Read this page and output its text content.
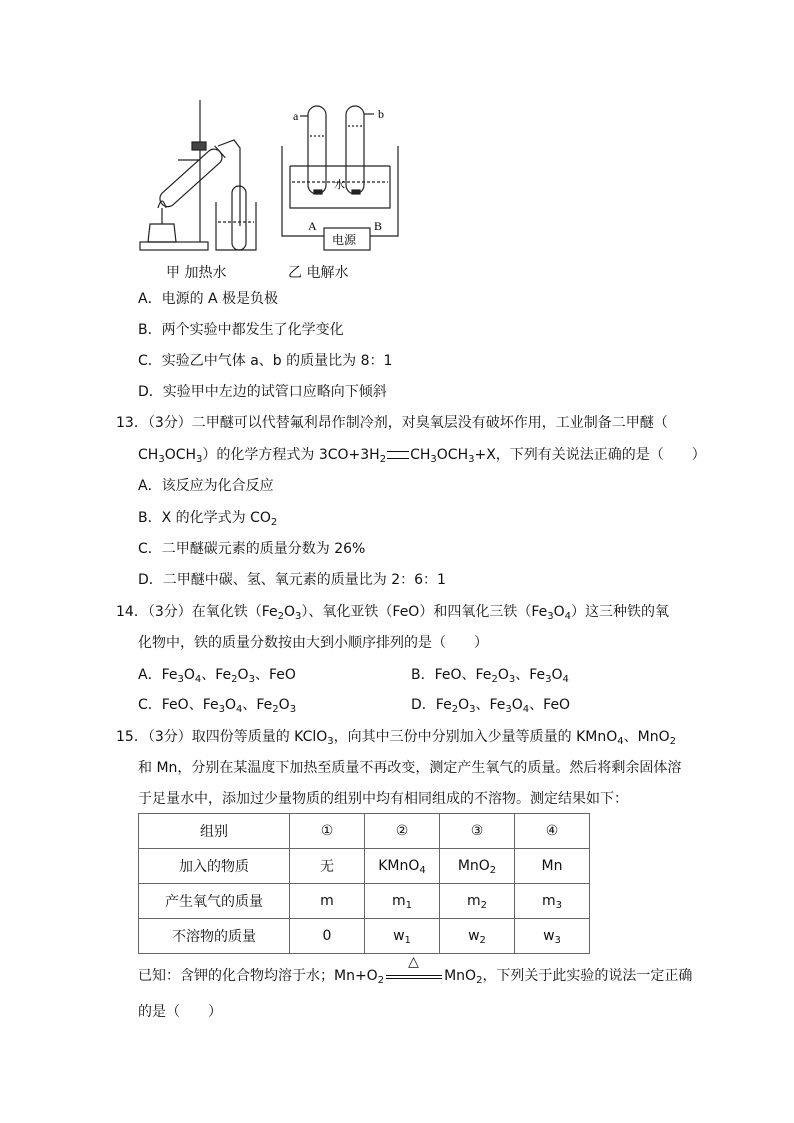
a	b
A	B
电源
水
甲 加热水	乙 电解水
A．电源的 A 极是负极
B．两个实验中都发生了化学变化
C．实验乙中气体 a、b 的质量比为 8：1
D．实验甲中左边的试管口应略向下倾斜
13．（3分）二甲醚可以代替氟利昂作制冷剂，对臭氧层没有破坏作用，工业制备二甲醚（
$CH_3OCH_3$）的化学方程式为 $3CO+3H_2$ $CH_3OCH_3+X$，下列有关说法正确的是（　　）
A．该反应为化合反应
B．X 的化学式为 $CO_2$
C．二甲醚碳元素的质量分数为 26%
D．二甲醚中碳、氢、氧元素的质量比为 2：6：1
14．（3分）在氧化铁$(Fe_2O_3)$、氧化亚铁（FeO）和四氧化三铁$(Fe_3O_4)$这三种铁的氧
化物中，铁的质量分数按由大到小顺序排列的是（　　）
A．$Fe_3O_4$、$Fe_2O_3$、FeO	B．FeO、$Fe_2O_3$、$Fe_3O_4$
C．FeO、$Fe_3O_4$、$Fe_2O_3$	D．$Fe_2O_3$、$Fe_3O_4$、FeO
15．（3分）取四份等质量的 KClO$_3$，向其中三份中分别加入少量等质量的 KMnO$_4$、MnO$_2$
和 Mn，分别在某温度下加热至质量不再改变，测定产生氧气的质量。然后将剩余固体溶
于足量水中，添加过少量物质的组别中均有相同组成的不溶物。测定结果如下：
组别	①	②	③	④
加入的物质	无	KMnO$_4$	MnO$_2$	Mn
产生氧气的质量	m	$m_1$	$m_2$	$m_3$
不溶物的质量	0	$w_1$	$w_2$	$w_3$
已知：含钾的化合物均溶于水；$Mn+O_2$
△
MnO$_2$，下列关于此实验的说法一定正确
的是（　　）
